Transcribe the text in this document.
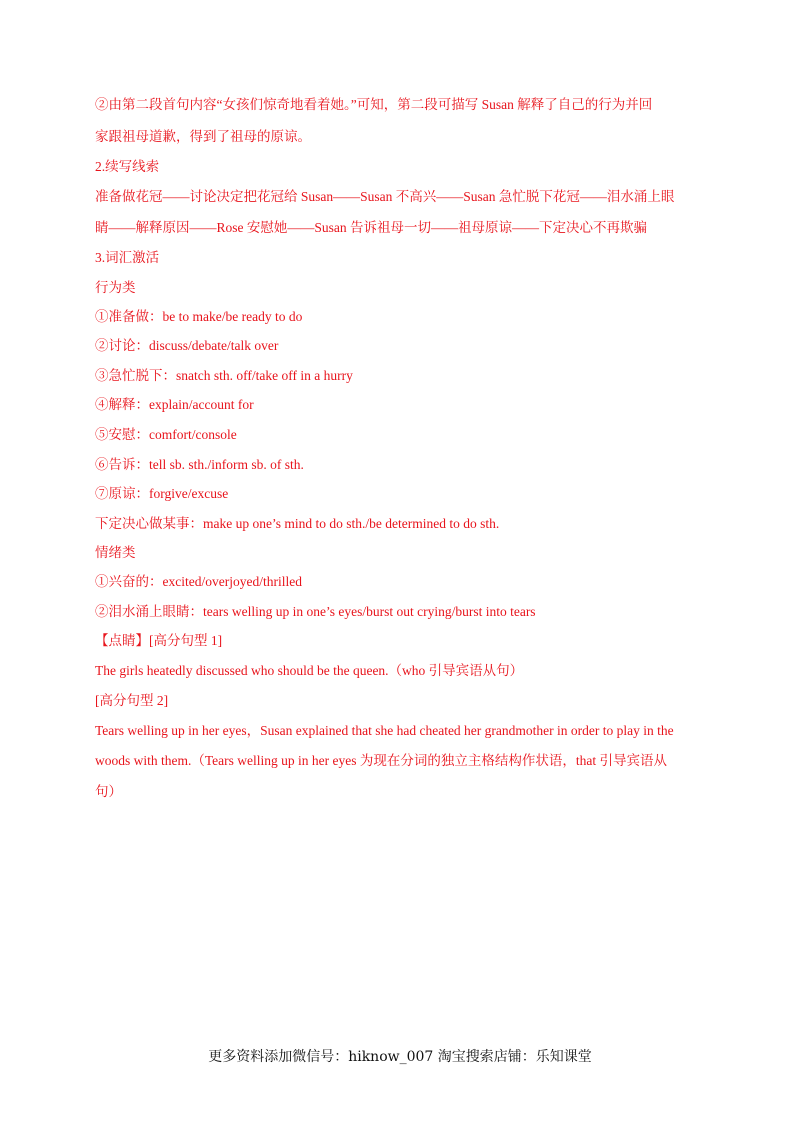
②由第二段首句内容“女孩们惊奇地看着她。”可知，第二段可描写 Susan 解释了自己的行为并回
家跟祖母道歉，得到了祖母的原谅。
2.续写线索
准备做花冠——讨论决定把花冠给 Susan——Susan 不高兴——Susan 急忙脱下花冠——泪水涌上眼
睛——解释原因——Rose 安慰她——Susan 告诉祖母一切——祖母原谅——下定决心不再欺骗
3.词汇激活
行为类
①准备做：be to make/be ready to do
②讨论：discuss/debate/talk over
③急忙脱下：snatch sth. off/take off in a hurry
④解释：explain/account for
⑤安慰：comfort/console
⑥告诉：tell sb. sth./inform sb. of sth.
⑦原谅：forgive/excuse
下定决心做某事：make up one’s mind to do sth./be determined to do sth.
情绪类
①兴奋的：excited/overjoyed/thrilled
②泪水涌上眼睛：tears welling up in one’s eyes/burst out crying/burst into tears
【点睛】[高分句型 1]
The girls heatedly discussed who should be the queen.（who 引导宾语从句）
[高分句型 2]
Tears welling up in her eyes，Susan explained that she had cheated her grandmother in order to play in the
woods with them.（Tears welling up in her eyes 为现在分词的独立主格结构作状语，that 引导宾语从
句）
更多资料添加微信号：hiknow_007 淘宝搜索店铺：乐知课堂
